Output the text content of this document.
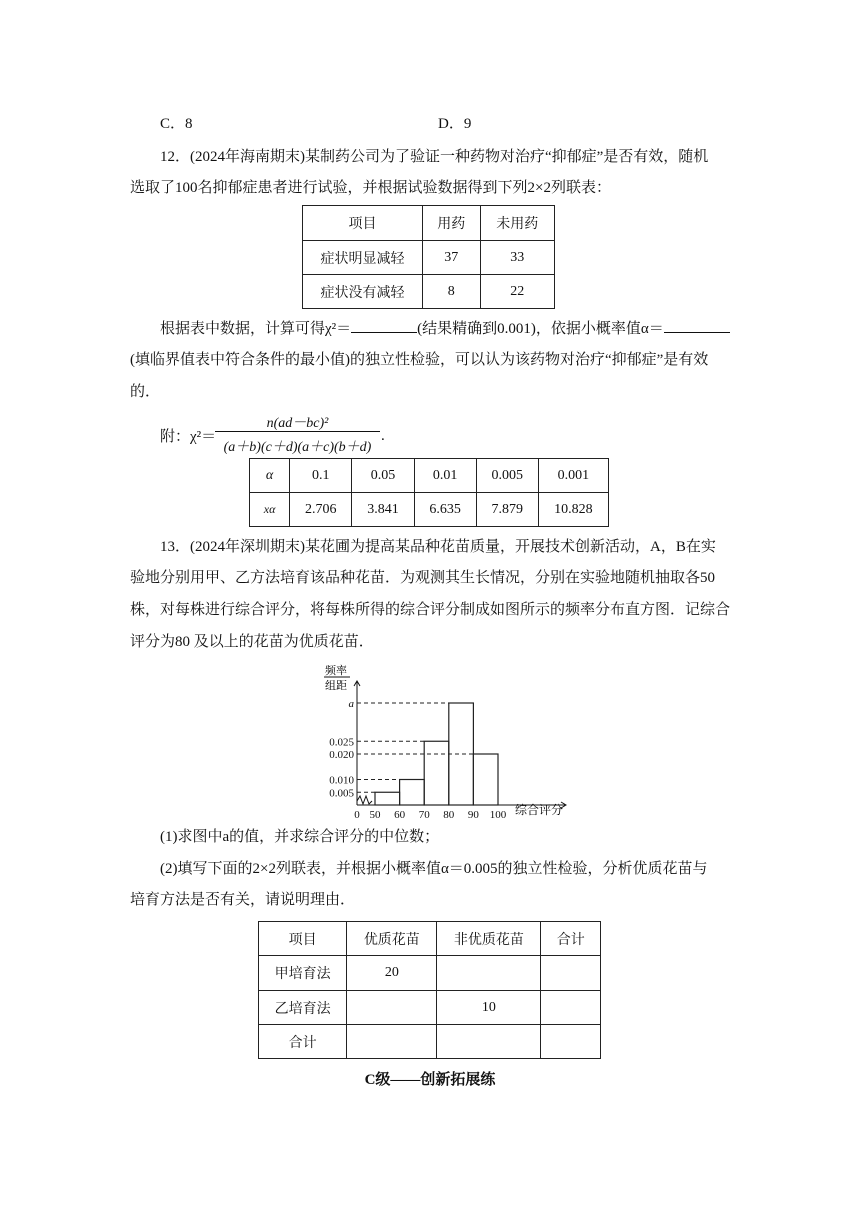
C．8	D．9
12．(2024年海南期末)某制药公司为了验证一种药物对治疗“抑郁症”是否有效，随机
选取了100名抑郁症患者进行试验，并根据试验数据得到下列2×2列联表：
项目	用药	未用药
症状明显减轻	37	33
症状没有减轻	8	22
根据表中数据，计算可得χ²＝	(结果精确到0.001)，依据小概率值α＝
(填临界值表中符合条件的最小值)的独立性检验，可以认为该药物对治疗“抑郁症”是有效
的．
附：χ²＝
n(ad－bc)²
(a＋b)(c＋d)(a＋c)(b＋d)
.
α	0.1	0.05	0.01	0.005	0.001
xα	2.706	3.841	6.635	7.879	10.828
13．(2024年深圳期末)某花圃为提高某品种花苗质量，开展技术创新活动，A，B在实
验地分别用甲、乙方法培育该品种花苗．为观测其生长情况，分别在实验地随机抽取各50
株，对每株进行综合评分，将每株所得的综合评分制成如图所示的频率分布直方图．记综合
评分为80 及以上的花苗为优质花苗．
频率
组距
0.005
0.010
0.020
0.025
a
0 50 60 70 80 90 100 综合评分
(1)求图中a的值，并求综合评分的中位数；
(2)填写下面的2×2列联表，并根据小概率值α＝0.005的独立性检验，分析优质花苗与
培育方法是否有关，请说明理由．
项目	优质花苗	非优质花苗	合计
甲培育法	20		
乙培育法		10	
合计			
C级——创新拓展练
